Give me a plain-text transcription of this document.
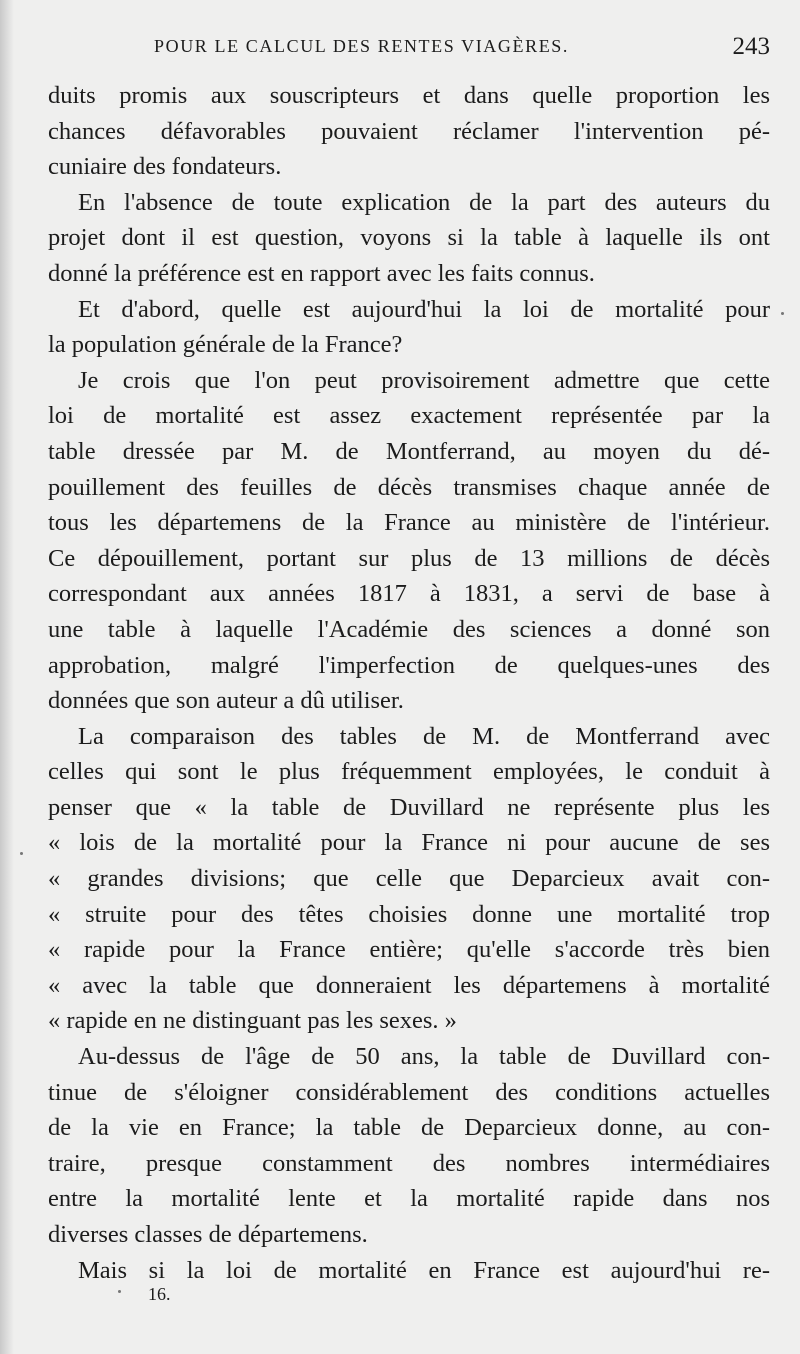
POUR LE CALCUL DES RENTES VIAGÈRES.	243
duits promis aux souscripteurs et dans quelle proportion les
chances défavorables pouvaient réclamer l'intervention pé-
cuniaire des fondateurs.
En l'absence de toute explication de la part des auteurs du
projet dont il est question, voyons si la table à laquelle ils ont
donné la préférence est en rapport avec les faits connus.
Et d'abord, quelle est aujourd'hui la loi de mortalité pour
la population générale de la France?
Je crois que l'on peut provisoirement admettre que cette
loi de mortalité est assez exactement représentée par la
table dressée par M. de Montferrand, au moyen du dé-
pouillement des feuilles de décès transmises chaque année de
tous les départemens de la France au ministère de l'intérieur.
Ce dépouillement, portant sur plus de 13 millions de décès
correspondant aux années 1817 à 1831, a servi de base à
une table à laquelle l'Académie des sciences a donné son
approbation, malgré l'imperfection de quelques-unes des
données que son auteur a dû utiliser.
La comparaison des tables de M. de Montferrand avec
celles qui sont le plus fréquemment employées, le conduit à
penser que « la table de Duvillard ne représente plus les
« lois de la mortalité pour la France ni pour aucune de ses
« grandes divisions; que celle que Deparcieux avait con-
« struite pour des têtes choisies donne une mortalité trop
« rapide pour la France entière; qu'elle s'accorde très bien
« avec la table que donneraient les départemens à mortalité
« rapide en ne distinguant pas les sexes. »
Au-dessus de l'âge de 50 ans, la table de Duvillard con-
tinue de s'éloigner considérablement des conditions actuelles
de la vie en France; la table de Deparcieux donne, au con-
traire, presque constamment des nombres intermédiaires
entre la mortalité lente et la mortalité rapide dans nos
diverses classes de départemens.
Mais si la loi de mortalité en France est aujourd'hui re-
16.
